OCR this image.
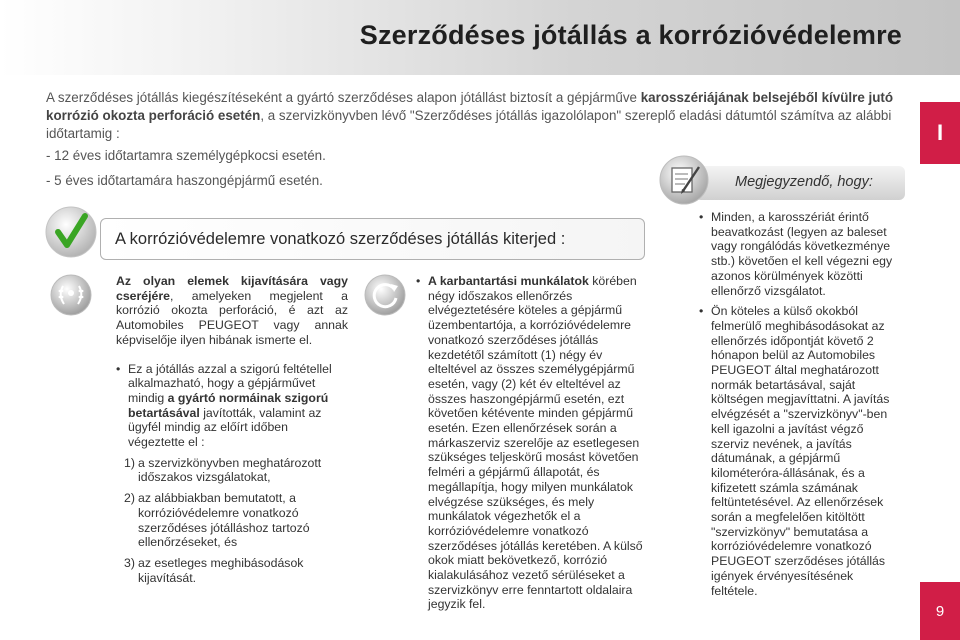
Szerződéses jótállás a korrózióvédelemre
I
9
A szerződéses jótállás kiegészítéseként a gyártó szerződéses alapon jótállást biztosít a gépjárműve karosszériájának belsejéből kívülre jutó korrózió okozta perforáció esetén, a szervizkönyvben lévő "Szerződéses jótállás igazolólapon" szereplő eladási dátumtól számítva az alábbi időtartamig :
- 12 éves időtartamra személygépkocsi esetén.
- 5 éves időtartamára haszongépjármű esetén.	Megjegyzendő, hogy:
A korrózióvédelemre vonatkozó szerződéses jótállás kiterjed :
Az olyan elemek kijavítására vagy cseréjére, amelyeken megjelent a korrózió okozta perforáció, é azt az Automobiles PEUGEOT vagy annak képviselője ilyen hibának ismerte el.
• Ez a jótállás azzal a szigorú feltétellel alkalmazható, hogy a gépjárművet mindig a gyártó normáinak szigorú betartásával javították, valamint az ügyfél mindig az előírt időben végeztette el :
1) a szervizkönyvben meghatározott időszakos vizsgálatokat,
2) az alábbiakban bemutatott, a korrózióvédelemre vonatkozó szerződéses jótálláshoz tartozó ellenőrzéseket, és
3) az esetleges meghibásodások kijavítását.
• A karbantartási munkálatok körében négy időszakos ellenőrzés elvégeztetésére köteles a gépjármű üzembentartója, a korrózióvédelemre vonatkozó szerződéses jótállás kezdetétől számított (1) négy év elteltével az összes személygépjármű esetén, vagy (2) két év elteltével az összes haszongépjármű esetén, ezt követően kétévente minden gépjármű esetén. Ezen ellenőrzések során a márkaszerviz szerelője az esetlegesen szükséges teljeskörű mosást követően felméri a gépjármű állapotát, és megállapítja, hogy milyen munkálatok elvégzése szükséges, és mely munkálatok végezhetők el a korrózióvédelemre vonatkozó szerződéses jótállás keretében. A külső okok miatt bekövetkező, korrózió kialakulásához vezető sérüléseket a szervizkönyv erre fenntartott oldalaira jegyzik fel.
• Minden, a karosszériát érintő beavatkozást (legyen az baleset vagy rongálódás következménye stb.) követően el kell végezni egy azonos körülmények közötti ellenőrző vizsgálatot.
• Ön köteles a külső okokból felmerülő meghibásodásokat az ellenőrzés időpontját követő 2 hónapon belül az Automobiles PEUGEOT által meghatározott normák betartásával, saját költségen megjavíttatni. A javítás elvégzését a "szervizkönyv"-ben kell igazolni a javítást végző szerviz nevének, a javítás dátumának, a gépjármű kilométeróra-állásának, és a kifizetett számla számának feltüntetésével. Az ellenőrzések során a megfelelően kitöltött "szervizkönyv" bemutatása a korrózióvédelemre vonatkozó PEUGEOT szerződéses jótállás igények érvényesítésének feltétele.
